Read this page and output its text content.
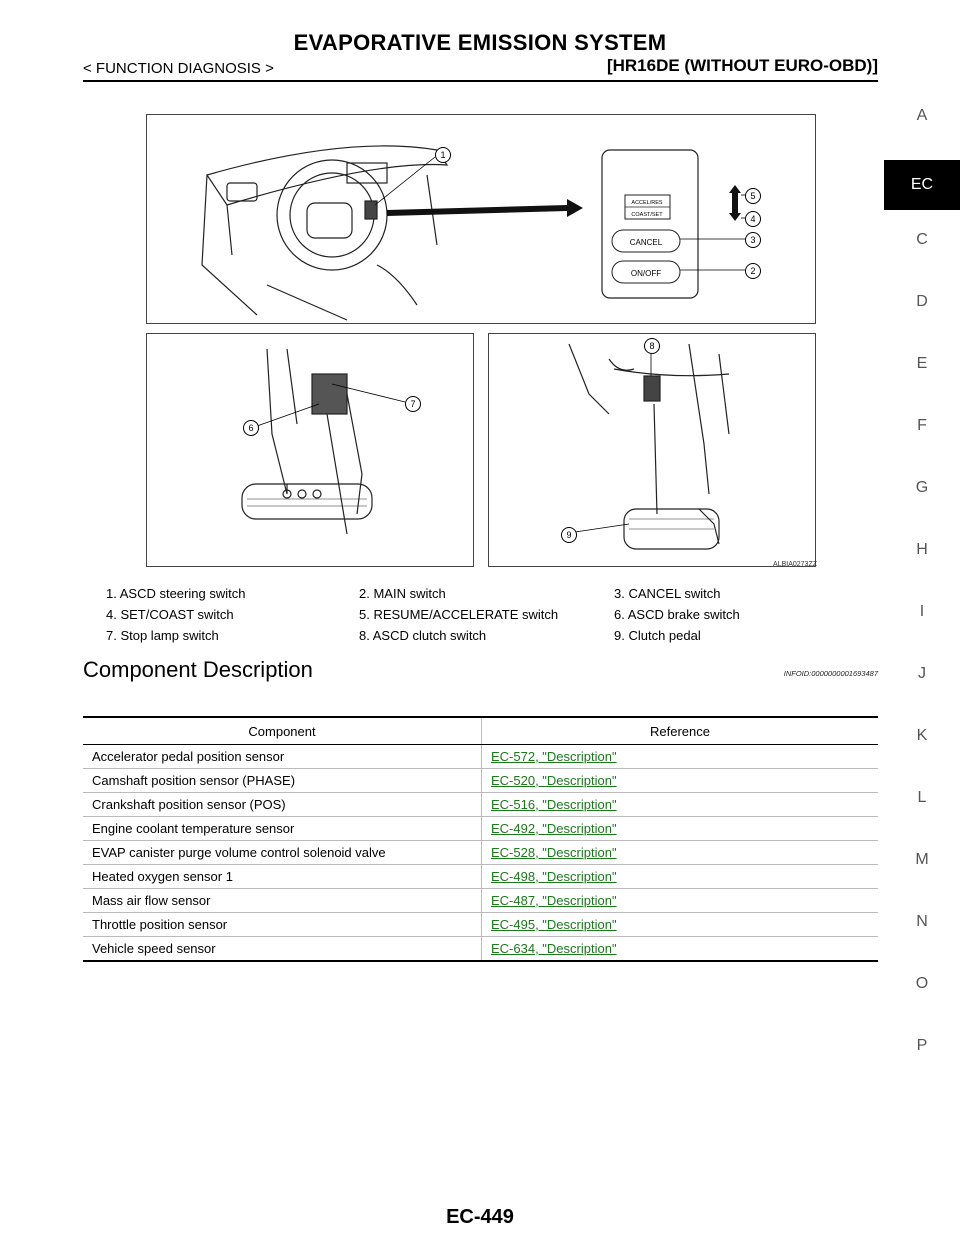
EVAPORATIVE EMISSION SYSTEM
< FUNCTION DIAGNOSIS >	[HR16DE (WITHOUT EURO-OBD)]
A
EC
C
D
E
F
G
H
I
J
K
L
M
N
O
P
ACCEL/RES
COAST/SET
CANCEL
ON/OFF
1
5
4
3
2
7
6
8
9
ALBIA0273ZZ
1. ASCD steering switch	2. MAIN switch	3. CANCEL switch
4. SET/COAST switch	5. RESUME/ACCELERATE switch	6. ASCD brake switch
7. Stop lamp switch	8. ASCD clutch switch	9. Clutch pedal
Component Description	INFOID:0000000001693487
Component	Reference
Accelerator pedal position sensor	EC-572, "Description"
Camshaft position sensor (PHASE)	EC-520, "Description"
Crankshaft position sensor (POS)	EC-516, "Description"
Engine coolant temperature sensor	EC-492, "Description"
EVAP canister purge volume control solenoid valve	EC-528, "Description"
Heated oxygen sensor 1	EC-498, "Description"
Mass air flow sensor	EC-487, "Description"
Throttle position sensor	EC-495, "Description"
Vehicle speed sensor	EC-634, "Description"
EC-449
